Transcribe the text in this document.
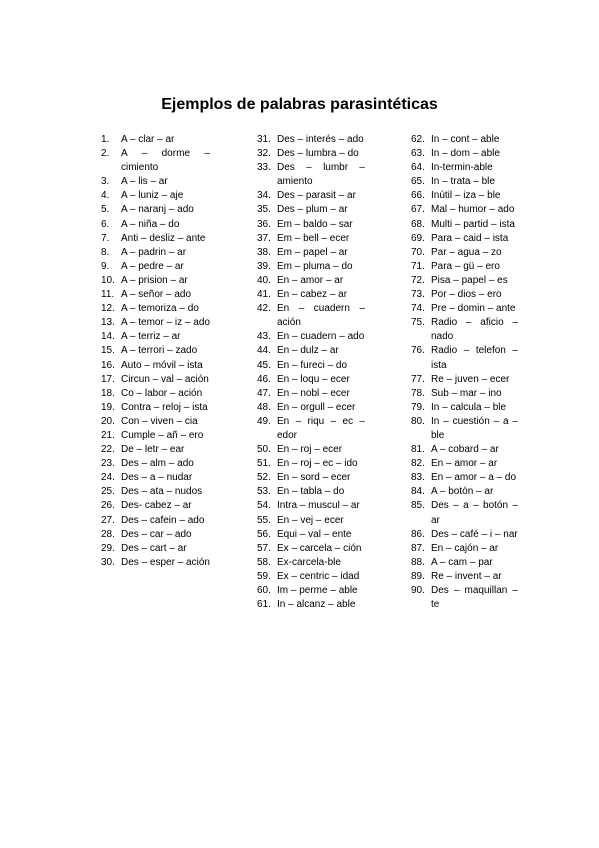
Ejemplos de palabras parasintéticas
1.	A – clar – ar
2.	A – dorme – cimiento
3.	A – lis – ar
4.	A – luniz – aje
5.	A – naranj – ado
6.	A – niña – do
7.	Anti – desliz – ante
8.	A – padrin – ar
9.	A – pedre – ar
10. A – prision – ar
11. A – señor – ado
12. A – temoriza – do
13. A – temor – iz – ado
14. A – terriz – ar
15. A – terrori – zado
16. Auto – móvil – ista
17. Circun – val – ación
18. Co – labor – ación
19. Contra – reloj – ista
20. Con – viven – cia
21. Cumple – añ – ero
22. De – letr – ear
23. Des – alm – ado
24. Des – a – nudar
25. Des – ata – nudos
26. Des- cabez – ar
27. Des – cafein – ado
28. Des – car – ado
29. Des – cart – ar
30. Des – esper – ación
31. Des – interés – ado
32. Des – lumbra – do
33. Des – lumbr – amiento
34. Des – parasit – ar
35. Des – plum – ar
36. Em – baldo – sar
37. Em – bell – ecer
38. Em – papel – ar
39. Em – pluma – do
40. En – amor – ar
41. En – cabez – ar
42. En – cuadern – ación
43. En – cuadern – ado
44. En – dulz – ar
45. En – fureci – do
46. En – loqu – ecer
47. En – nobl – ecer
48. En – orgull – ecer
49. En – riqu – ec – edor
50. En – roj – ecer
51. En – roj – ec – ido
52. En – sord – ecer
53. En – tabla – do
54. Intra – muscul – ar
55. En – vej – ecer
56. Equi – val – ente
57. Ex – carcela – ción
58. Ex-carcela-ble
59. Ex – centric – idad
60. Im – perme – able
61. In – alcanz – able
62. In – cont – able
63. In – dom – able
64. In-termin-able
65. In – trata – ble
66. Inútil – iza – ble
67. Mal – humor – ado
68. Multi – partid – ista
69. Para – caid – ista
70. Par – agua – zo
71. Para – gü – ero
72. Pisa – papel – es
73. Por – dios – ero
74. Pre – domin – ante
75. Radio – aficio – nado
76. Radio – telefon – ista
77. Re – juven – ecer
78. Sub – mar – ino
79. In – calcula – ble
80. In – cuestión – a – ble
81. A – cobard – ar
82. En – amor – ar
83. En – amor – a – do
84. A – botón – ar
85. Des – a – botón – ar
86. Des – café – i – nar
87. En – cajón – ar
88. A – cam – par
89. Re – invent – ar
90. Des – maquillan – te
